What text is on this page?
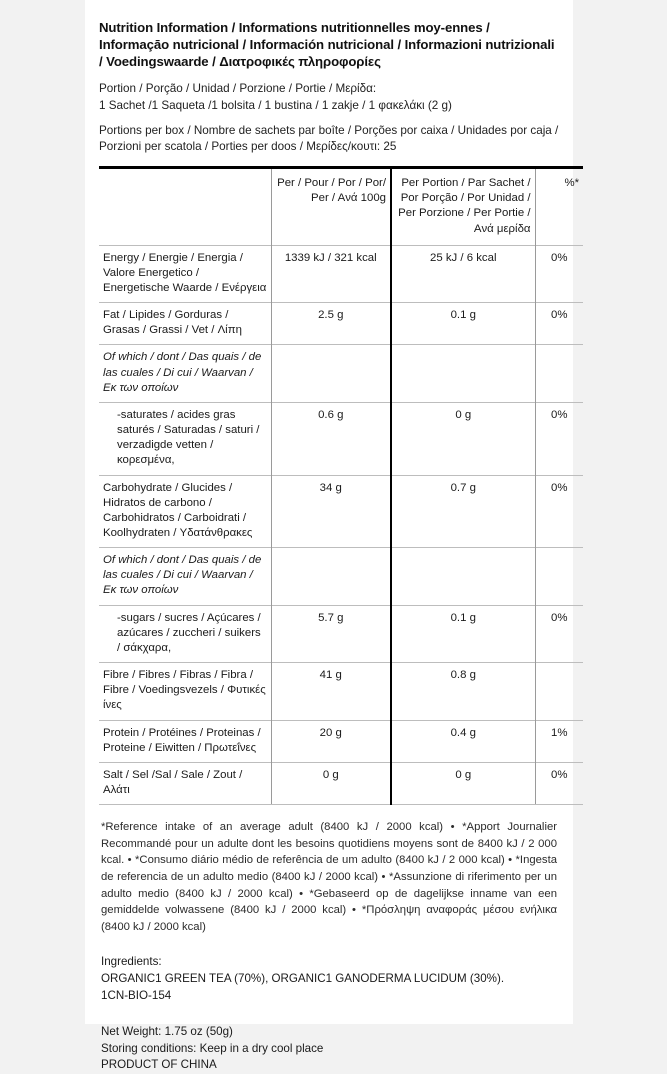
Nutrition Information / Informations nutritionnelles moy-ennes / Informaçāo nutricional / Información nutricional / Informazioni nutrizionali / Voedingswaarde / Διατροφικές πληροφορίες
Portion / Porção / Unidad / Porzione / Portie / Μερίδα:
1 Sachet /1 Saqueta /1 bolsita / 1 bustina / 1 zakje / 1 φακελάκι (2 g)
Portions per box / Nombre de sachets par boîte / Porções por caixa / Unidades por caja / Porzioni per scatola / Porties per doos / Μερίδες/κουτι: 25
	Per / Pour / Por / Por/ Per / Aνά 100g	Per Portion / Par Sachet / Por Porção / Por Unidad / Per Porzione / Per Portie / Aνά μερίδα	%*
Energy / Energie / Energia / Valore Energetico / Energetische Waarde / Ενέργεια	1339 kJ / 321 kcal	25 kJ / 6 kcal	0%
Fat / Lipides / Gorduras / Grasas / Grassi / Vet / Λίπη	2.5 g	0.1 g	0%
Of which / dont / Das quais / de las cuales / Di cui / Waarvan / Εκ των οποίων			
-saturates / acides gras saturés / Saturadas / saturi / verzadigde vetten / κορεσμένα,	0.6 g	0 g	0%
Carbohydrate / Glucides / Hidratos de carbono / Carbohidratos / Carboidrati / Koolhydraten / Υδατάνθρακες	34 g	0.7 g	0%
Of which / dont / Das quais / de las cuales / Di cui / Waarvan / Εκ των οποίων			
-sugars / sucres / Açúcares / azúcares / zuccheri / suikers / σάκχαρα,	5.7 g	0.1 g	0%
Fibre / Fibres / Fibras / Fibra / Fibre / Voedingsvezels / Φυτικές ίνες	41 g	0.8 g	
Protein / Protéines / Proteinas / Proteine / Eiwitten / Πρωτεΐνες	20 g	0.4 g	1%
Salt / Sel /Sal / Sale / Zout / Αλάτι	0 g	0 g	0%
*Reference intake of an average adult (8400 kJ / 2000 kcal) • *Apport Journalier Recommandé pour un adulte dont les besoins quotidiens moyens sont de 8400 kJ / 2 000 kcal. • *Consumo diário médio de referência de um adulto (8400 kJ / 2 000 kcal) • *Ingesta de referencia de un adulto medio (8400 kJ / 2000 kcal) • *Assunzione di riferimento per un adulto medio (8400 kJ / 2000 kcal) • *Gebaseerd op de dagelijkse inname van een gemiddelde volwassene (8400 kJ / 2000 kcal) • *Πρόσληψη αναφοράς μέσου ενήλικα (8400 kJ / 2000 kcal)
Ingredients:
ORGANIC1 GREEN TEA (70%), ORGANIC1 GANODERMA LUCIDUM (30%).
1CN-BIO-154
Net Weight: 1.75 oz (50g)
Storing conditions: Keep in a dry cool place
PRODUCT OF CHINA
